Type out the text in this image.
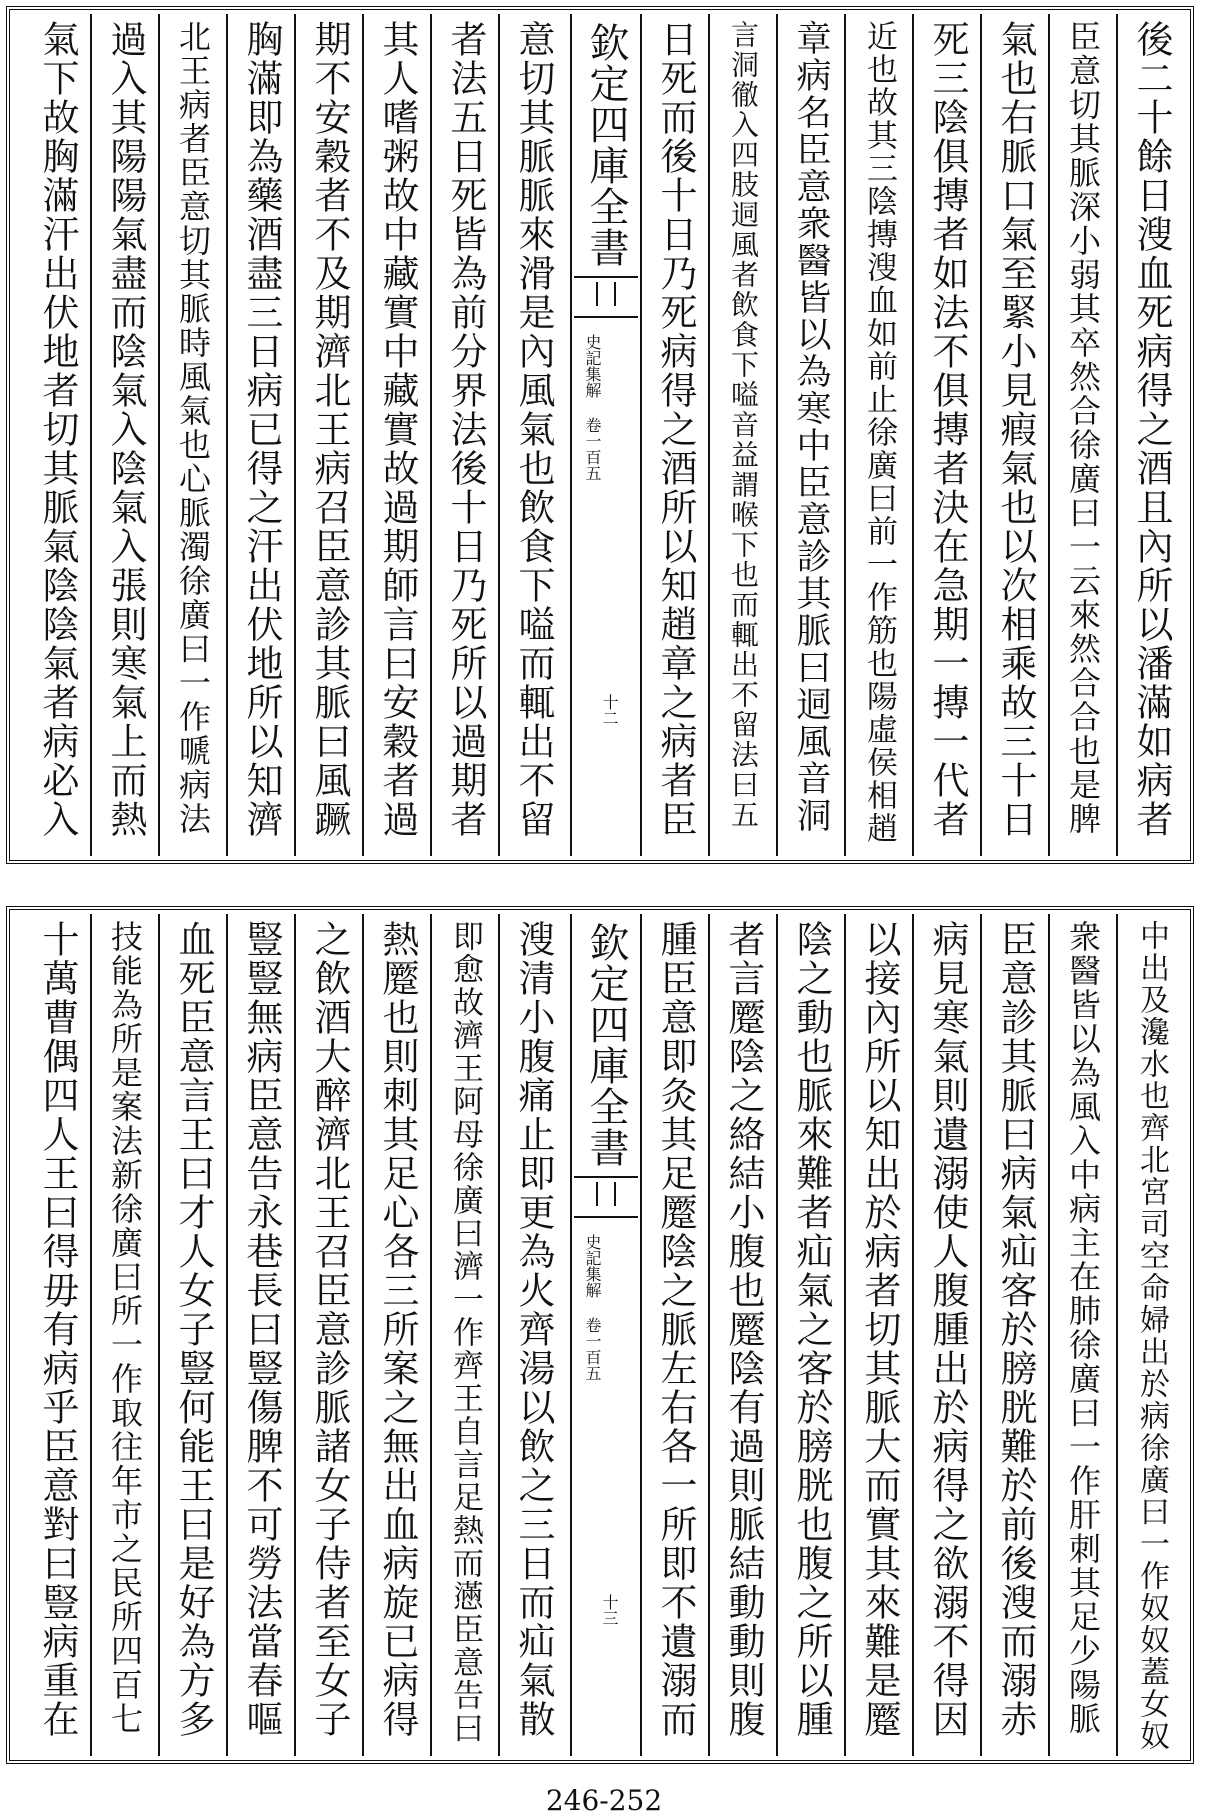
後二十餘日溲血死病得之酒且內所以潘滿如病者
臣意切其脈深小弱其卒然合徐廣曰一云來然合合也是脾
氣也右脈口氣至緊小見瘕氣也以次相乘故三十日
死三陰俱摶者如法不俱摶者決在急期一摶一代者
近也故其三陰摶溲血如前止徐廣曰前一作筋也陽虛侯相趙
章病名臣意衆醫皆以為寒中臣意診其脈曰迵風音洞
言洞徹入四肢迵風者飲食下嗌音益謂喉下也而輒出不留法曰五
日死而後十日乃死病得之酒所以知趙章之病者臣
欽定四庫全書
史記集解 卷一百五
十二
意切其脈脈來滑是內風氣也飲食下嗌而輒出不留
者法五日死皆為前分界法後十日乃死所以過期者
其人嗜粥故中藏實中藏實故過期師言曰安穀者過
期不安穀者不及期濟北王病召臣意診其脈曰風蹶
胸滿即為藥酒盡三日病已得之汗出伏地所以知濟
北王病者臣意切其脈時風氣也心脈濁徐廣曰一作嗁病法
過入其陽陽氣盡而陰氣入陰氣入張則寒氣上而熱
氣下故胸滿汗出伏地者切其脈氣陰陰氣者病必入
中出及瀺水也齊北宮司空命婦出於病徐廣曰一作奴奴蓋女奴
衆醫皆以為風入中病主在肺徐廣曰一作肝刺其足少陽脈
臣意診其脈曰病氣疝客於膀胱難於前後溲而溺赤
病見寒氣則遺溺使人腹腫出於病得之欲溺不得因
以接內所以知出於病者切其脈大而實其來難是蹷
陰之動也脈來難者疝氣之客於膀胱也腹之所以腫
者言蹷陰之絡結小腹也蹷陰有過則脈結動動則腹
腫臣意即灸其足蹷陰之脈左右各一所即不遺溺而
欽定四庫全書
史記集解 卷一百五
十三
溲清小腹痛止即更為火齊湯以飲之三日而疝氣散
即愈故濟王阿母徐廣曰濟一作齊王自言足熱而懣臣意告曰
熱蹷也則刺其足心各三所案之無出血病旋已病得
之飲酒大醉濟北王召臣意診脈諸女子侍者至女子
豎豎無病臣意告永巷長曰豎傷脾不可勞法當春嘔
血死臣意言王曰才人女子豎何能王曰是好為方多
技能為所是案法新徐廣曰所一作取往年市之民所四百七
十萬曹偶四人王曰得毋有病乎臣意對曰豎病重在
246-252
